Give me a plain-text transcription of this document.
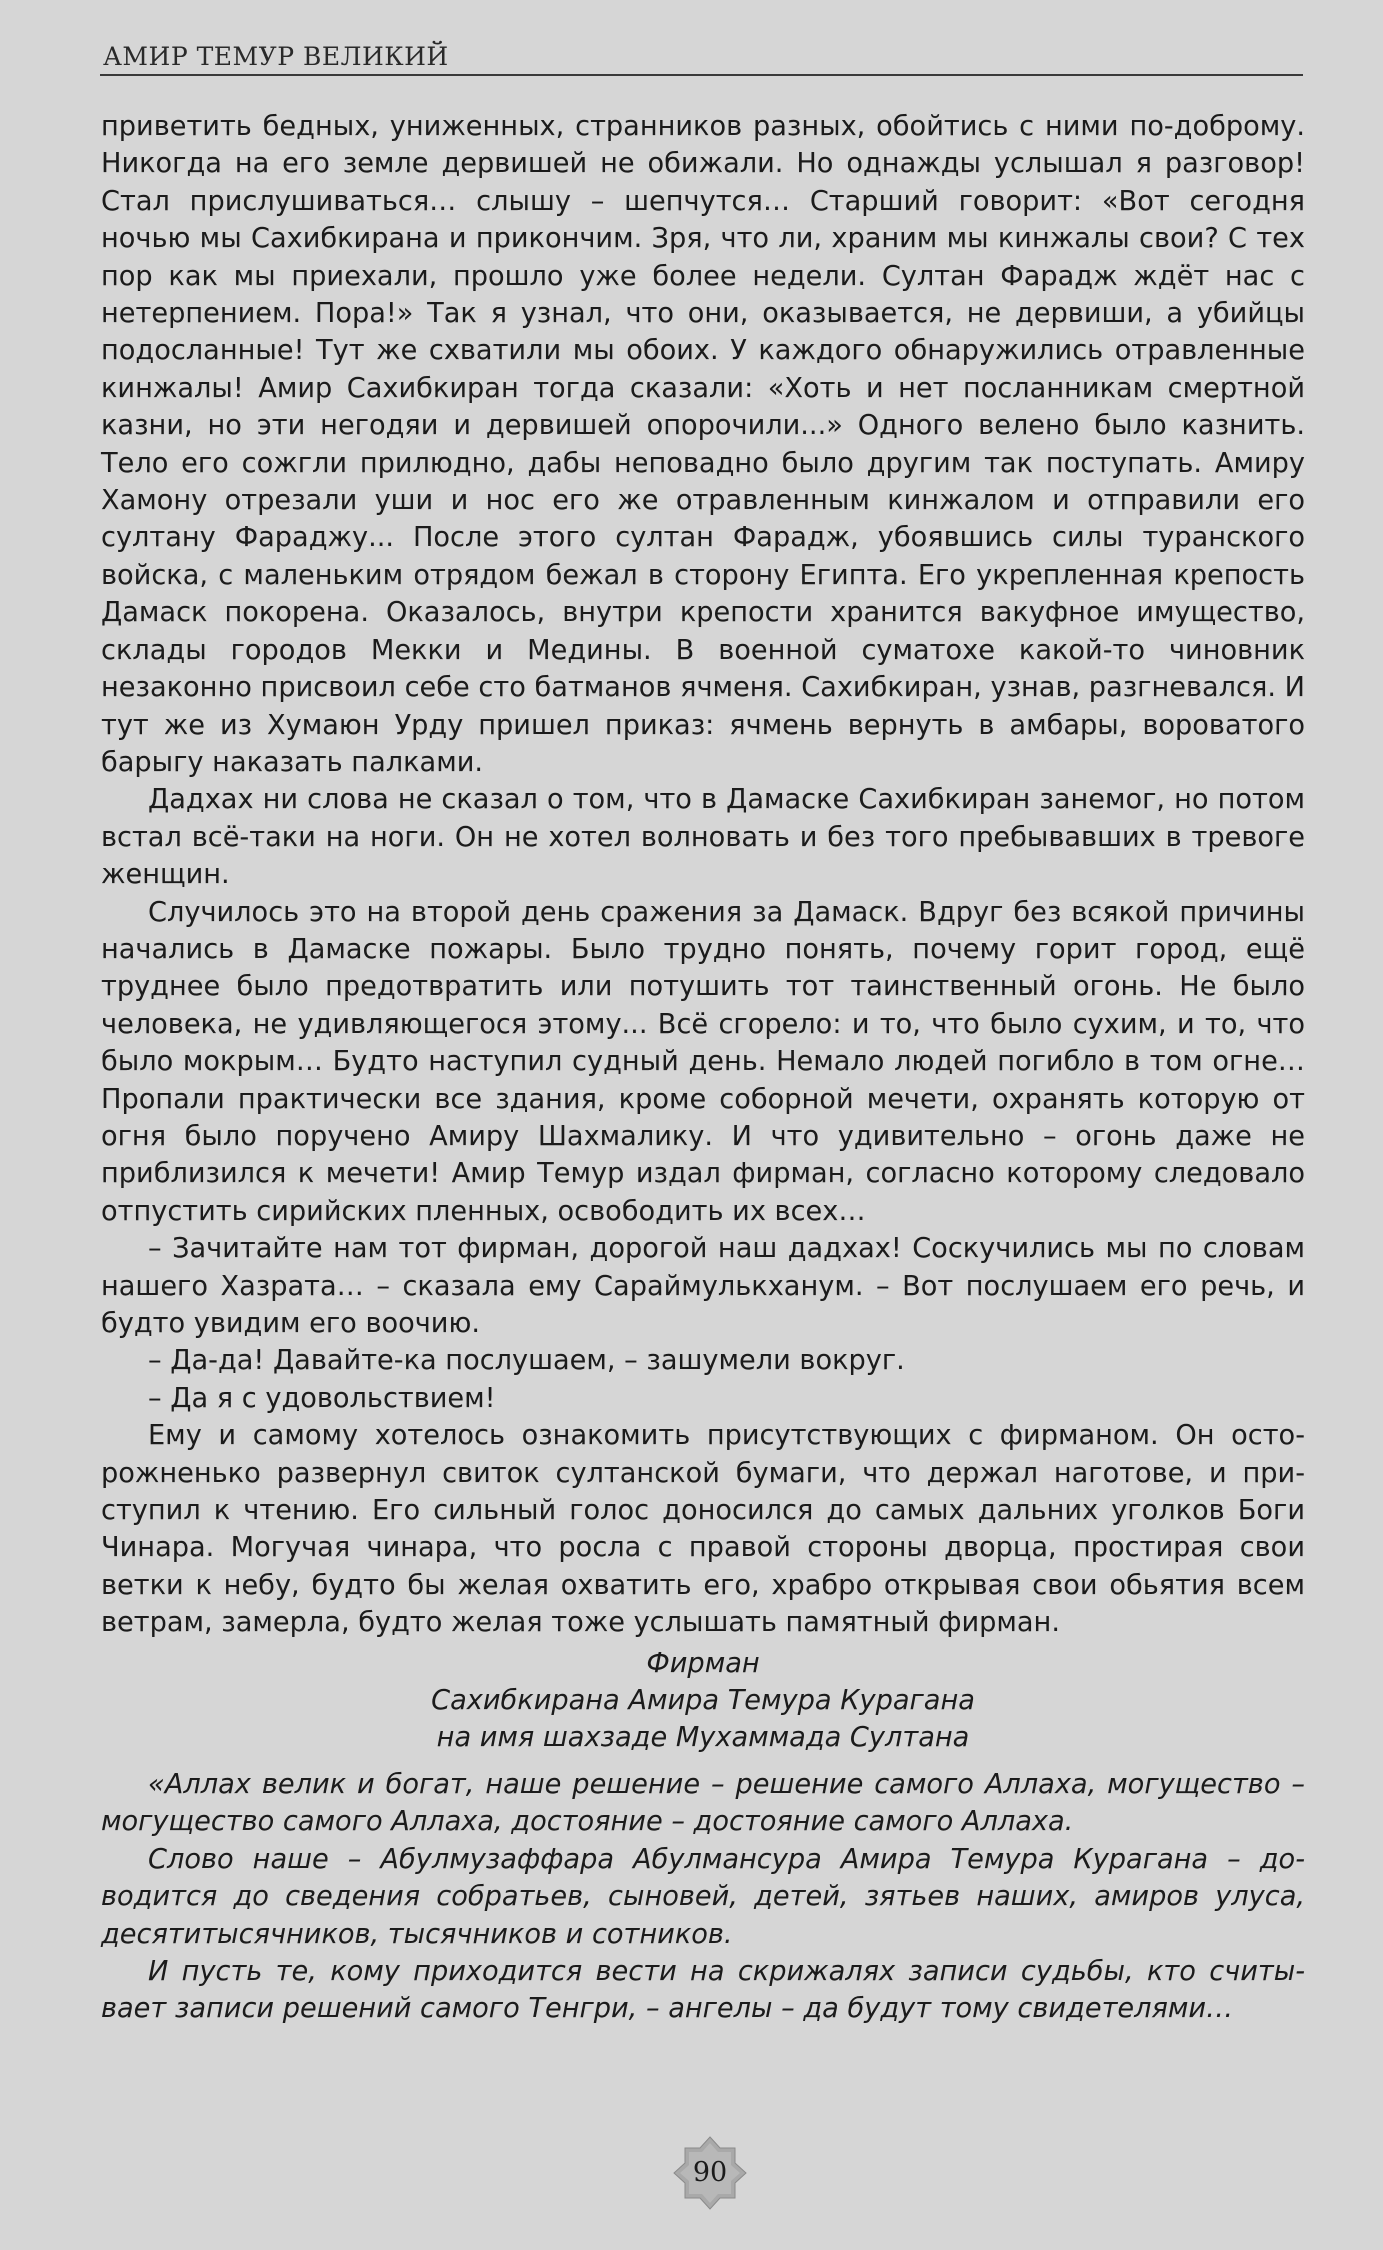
АМИР ТЕМУР ВЕЛИКИЙ

приветить бедных, униженных, странников разных, обойтись с ними по-доброму. Никогда на его земле дервишей не обижали. Но однажды услышал я разговор! Стал прислушиваться… слышу – шепчутся… Старший говорит: «Вот сегодня ночью мы Сахибкирана и прикончим. Зря, что ли, храним мы кинжалы свои? С тех пор как мы приехали, прошло уже более недели. Султан Фарадж ждёт нас с нетерпением. Пора!» Так я узнал, что они, оказывается, не дервиши, а убийцы подосланные! Тут же схватили мы обоих. У каждого обнаружились отравленные кинжалы! Амир Сахибкиран тогда сказали: «Хоть и нет посланникам смертной казни, но эти негодяи и дервишей опорочили...» Одного велено было казнить. Тело его сожгли прилюдно, дабы неповадно было другим так поступать. Амиру Хамону отрезали уши и нос его же отравленным кинжалом и отправили его султану Фараджу... После этого султан Фарадж, убоявшись силы туранского войска, с маленьким отрядом бежал в сторону Египта. Его укрепленная крепость Дамаск покорена. Оказалось, внутри крепости хранится вакуфное имущество, склады городов Мекки и Медины. В военной суматохе какой-то чиновник незаконно присвоил себе сто батманов ячменя. Сахибкиран, узнав, разгневался. И тут же из Хумаюн Урду пришел приказ: ячмень вернуть в амбары, вороватого барыгу наказать палками.

Дадхах ни слова не сказал о том, что в Дамаске Сахибкиран занемог, но потом встал всё-таки на ноги. Он не хотел волновать и без того пребывавших в тревоге женщин.

Случилось это на второй день сражения за Дамаск. Вдруг без всякой причины начались в Дамаске пожары. Было трудно понять, почему горит город, ещё труднее было предотвратить или потушить тот таинственный огонь. Не было человека, не удивляющегося этому... Всё сгорело: и то, что было сухим, и то, что было мокрым… Будто наступил судный день. Немало людей погибло в том огне… Пропали практически все здания, кроме соборной мечети, охранять которую от огня было поручено Амиру Шахмалику. И что удивительно – огонь даже не приблизился к мечети! Амир Темур издал фирман, согласно которому следовало отпустить сирийских пленных, освободить их всех…

– Зачитайте нам тот фирман, дорогой наш дадхах! Соскучились мы по словам нашего Хазрата… – сказала ему Сараймулькханум. – Вот послушаем его речь, и будто увидим его воочию.

– Да-да! Давайте-ка послушаем, – зашумели вокруг.

– Да я с удовольствием!

Ему и самому хотелось ознакомить присутствующих с фирманом. Он осторожненько развернул свиток султанской бумаги, что держал наготове, и приступил к чтению. Его сильный голос доносился до самых дальних уголков Боги Чинара. Могучая чинара, что росла с правой стороны дворца, простирая свои ветки к небу, будто бы желая охватить его, храбро открывая свои обьятия всем ветрам, замерла, будто желая тоже услышать памятный фирман.

Фирман

Сахибкирана Амира Темура Курагана

на имя шахзаде Мухаммада Султана

«Аллах велик и богат, наше решение – решение самого Аллаха, могущество – могущество самого Аллаха, достояние – достояние самого Аллаха.

Слово наше – Абулмузаффара Абулмансура Амира Темура Курагана – доводится до сведения собратьев, сыновей, детей, зятьев наших, амиров улуса, десятитысячников, тысячников и сотников.

И пусть те, кому приходится вести на скрижалях записи судьбы, кто считывает записи решений самого Тенгри, – ангелы – да будут тому свидетелями…

90
